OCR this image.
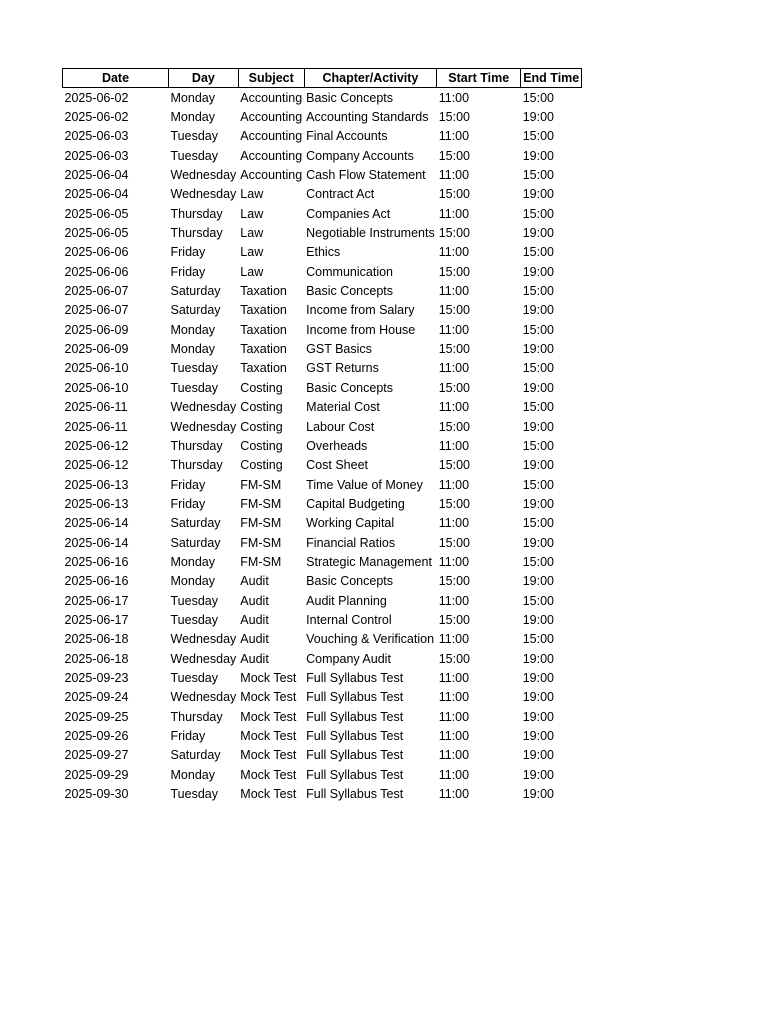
Date	Day	Subject	Chapter/Activity	Start Time	End Time
2025-06-02	Monday	Accounting	Basic Concepts	11:00	15:00
2025-06-02	Monday	Accounting	Accounting Standards	15:00	19:00
2025-06-03	Tuesday	Accounting	Final Accounts	11:00	15:00
2025-06-03	Tuesday	Accounting	Company Accounts	15:00	19:00
2025-06-04	Wednesday	Accounting	Cash Flow Statement	11:00	15:00
2025-06-04	Wednesday	Law	Contract Act	15:00	19:00
2025-06-05	Thursday	Law	Companies Act	11:00	15:00
2025-06-05	Thursday	Law	Negotiable Instruments	15:00	19:00
2025-06-06	Friday	Law	Ethics	11:00	15:00
2025-06-06	Friday	Law	Communication	15:00	19:00
2025-06-07	Saturday	Taxation	Basic Concepts	11:00	15:00
2025-06-07	Saturday	Taxation	Income from Salary	15:00	19:00
2025-06-09	Monday	Taxation	Income from House	11:00	15:00
2025-06-09	Monday	Taxation	GST Basics	15:00	19:00
2025-06-10	Tuesday	Taxation	GST Returns	11:00	15:00
2025-06-10	Tuesday	Costing	Basic Concepts	15:00	19:00
2025-06-11	Wednesday	Costing	Material Cost	11:00	15:00
2025-06-11	Wednesday	Costing	Labour Cost	15:00	19:00
2025-06-12	Thursday	Costing	Overheads	11:00	15:00
2025-06-12	Thursday	Costing	Cost Sheet	15:00	19:00
2025-06-13	Friday	FM-SM	Time Value of Money	11:00	15:00
2025-06-13	Friday	FM-SM	Capital Budgeting	15:00	19:00
2025-06-14	Saturday	FM-SM	Working Capital	11:00	15:00
2025-06-14	Saturday	FM-SM	Financial Ratios	15:00	19:00
2025-06-16	Monday	FM-SM	Strategic Management	11:00	15:00
2025-06-16	Monday	Audit	Basic Concepts	15:00	19:00
2025-06-17	Tuesday	Audit	Audit Planning	11:00	15:00
2025-06-17	Tuesday	Audit	Internal Control	15:00	19:00
2025-06-18	Wednesday	Audit	Vouching & Verification	11:00	15:00
2025-06-18	Wednesday	Audit	Company Audit	15:00	19:00
2025-09-23	Tuesday	Mock Test	Full Syllabus Test	11:00	19:00
2025-09-24	Wednesday	Mock Test	Full Syllabus Test	11:00	19:00
2025-09-25	Thursday	Mock Test	Full Syllabus Test	11:00	19:00
2025-09-26	Friday	Mock Test	Full Syllabus Test	11:00	19:00
2025-09-27	Saturday	Mock Test	Full Syllabus Test	11:00	19:00
2025-09-29	Monday	Mock Test	Full Syllabus Test	11:00	19:00
2025-09-30	Tuesday	Mock Test	Full Syllabus Test	11:00	19:00
